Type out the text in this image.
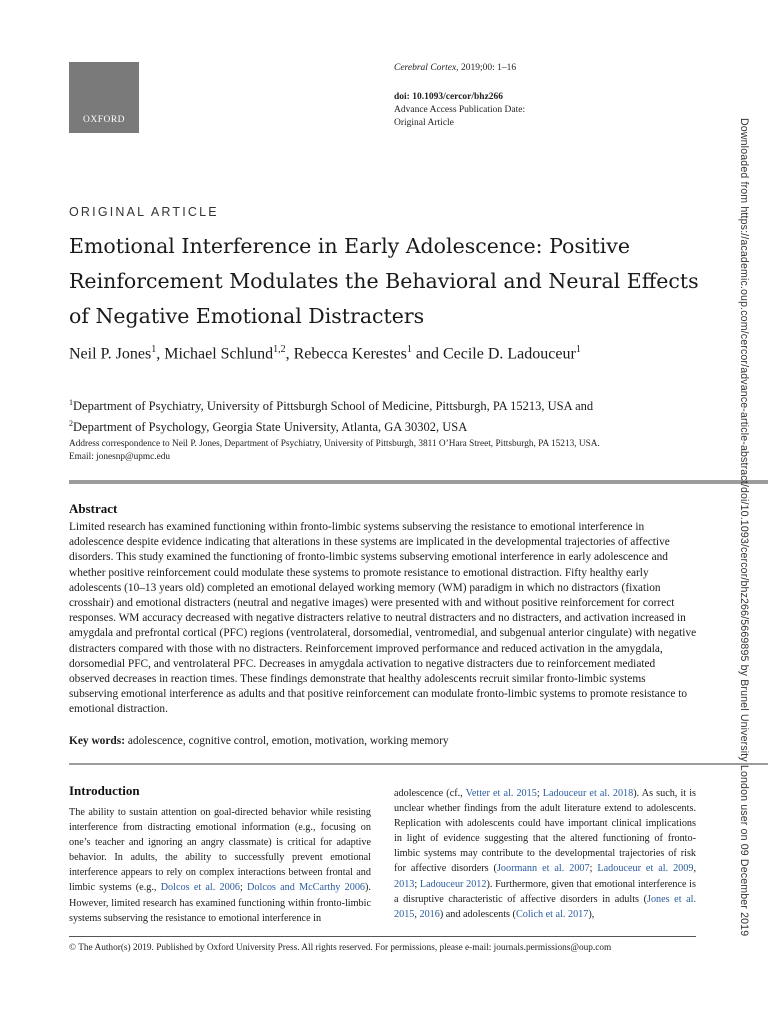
OXFORD
Cerebral Cortex, 2019;00: 1–16
doi: 10.1093/cercor/bhz266
Advance Access Publication Date:
Original Article
ORIGINAL ARTICLE
Emotional Interference in Early Adolescence: Positive Reinforcement Modulates the Behavioral and Neural Effects of Negative Emotional Distracters
Neil P. Jones$^1$, Michael Schlund$^{1,2}$, Rebecca Kerestes$^1$ and Cecile D. Ladouceur$^1$
$^1$Department of Psychiatry, University of Pittsburgh School of Medicine, Pittsburgh, PA 15213, USA and
$^2$Department of Psychology, Georgia State University, Atlanta, GA 30302, USA
Address correspondence to Neil P. Jones, Department of Psychiatry, University of Pittsburgh, 3811 O’Hara Street, Pittsburgh, PA 15213, USA.
Email: jonesnp@upmc.edu
Abstract
Limited research has examined functioning within fronto-limbic systems subserving the resistance to emotional interference in adolescence despite evidence indicating that alterations in these systems are implicated in the developmental trajectories of affective disorders. This study examined the functioning of fronto-limbic systems subserving emotional interference in early adolescence and whether positive reinforcement could modulate these systems to promote resistance to emotional distraction. Fifty healthy early adolescents (10–13 years old) completed an emotional delayed working memory (WM) paradigm in which no distractors (fixation crosshair) and emotional distracters (neutral and negative images) were presented with and without positive reinforcement for correct responses. WM accuracy decreased with negative distracters relative to neutral distracters and no distracters, and activation increased in amygdala and prefrontal cortical (PFC) regions (ventrolateral, dorsomedial, ventromedial, and subgenual anterior cingulate) with negative distracters compared with those with no distracters. Reinforcement improved performance and reduced activation in the amygdala, dorsomedial PFC, and ventrolateral PFC. Decreases in amygdala activation to negative distracters due to reinforcement mediated observed decreases in reaction times. These findings demonstrate that healthy adolescents recruit similar fronto-limbic systems subserving emotional interference as adults and that positive reinforcement can modulate fronto-limbic systems to promote resistance to emotional distraction.
Key words: adolescence, cognitive control, emotion, motivation, working memory
Introduction

The ability to sustain attention on goal-directed behavior while resisting interference from distracting emotional information (e.g., focusing on one’s teacher and ignoring an angry classmate) is critical for adaptive behavior. In adults, the ability to successfully prevent emotional interference appears to rely on complex interactions between frontal and limbic systems (e.g., Dolcos et al. 2006; Dolcos and McCarthy 2006). However, limited research has examined functioning within fronto-limbic systems subserving the resistance to emotional interference in

adolescence (cf., Vetter et al. 2015; Ladouceur et al. 2018). As such, it is unclear whether findings from the adult literature extend to adolescents. Replication with adolescents could have important clinical implications in light of evidence suggesting that the altered functioning of fronto-limbic systems may contribute to the developmental trajectories of risk for affective disorders (Joormann et al. 2007; Ladouceur et al. 2009, 2013; Ladouceur 2012). Furthermore, given that emotional interference is a disruptive characteristic of affective disorders in adults (Jones et al. 2015, 2016) and adolescents (Colich et al. 2017),

© The Author(s) 2019. Published by Oxford University Press. All rights reserved. For permissions, please e-mail: journals.permissions@oup.com
Downloaded from https://academic.oup.com/cercor/advance-article-abstract/doi/10.1093/cercor/bhz266/5669895 by Brunel University London user on 09 December 2019
